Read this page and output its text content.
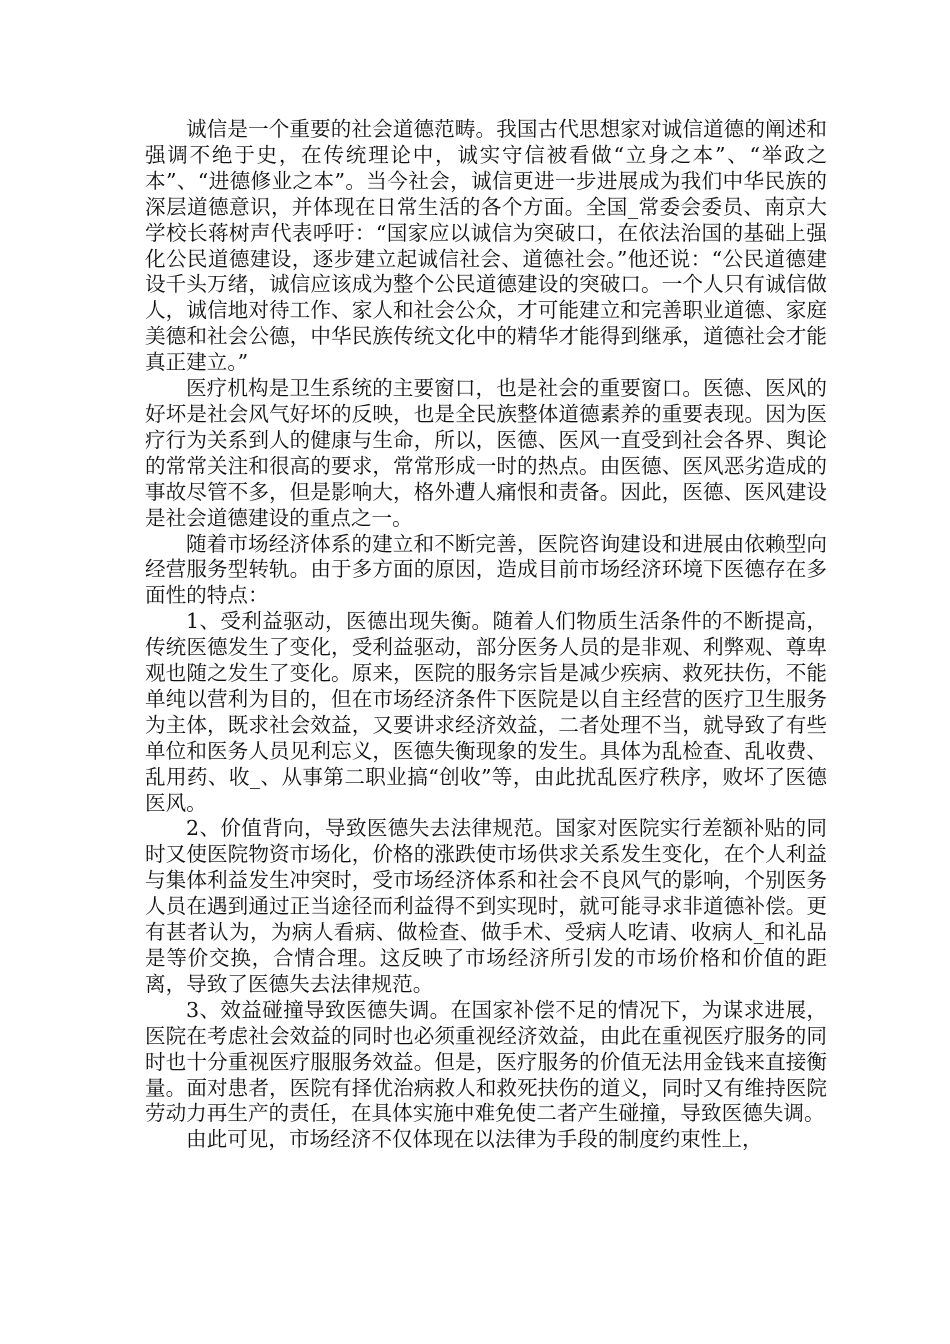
诚信是一个重要的社会道德范畴。我国古代思想家对诚信道德的阐述和强调不绝于史，在传统理论中，诚实守信被看做“立身之本”、“举政之本”、“进德修业之本”。当今社会，诚信更进一步进展成为我们中华民族的深层道德意识，并体现在日常生活的各个方面。全国_常委会委员、南京大学校长蒋树声代表呼吁：“国家应以诚信为突破口，在依法治国的基础上强化公民道德建设，逐步建立起诚信社会、道德社会。”他还说：“公民道德建设千头万绪，诚信应该成为整个公民道德建设的突破口。一个人只有诚信做人，诚信地对待工作、家人和社会公众，才可能建立和完善职业道德、家庭美德和社会公德，中华民族传统文化中的精华才能得到继承，道德社会才能真正建立。”

医疗机构是卫生系统的主要窗口，也是社会的重要窗口。医德、医风的好坏是社会风气好坏的反映，也是全民族整体道德素养的重要表现。因为医疗行为关系到人的健康与生命，所以，医德、医风一直受到社会各界、舆论的常常关注和很高的要求，常常形成一时的热点。由医德、医风恶劣造成的事故尽管不多，但是影响大，格外遭人痛恨和责备。因此，医德、医风建设是社会道德建设的重点之一。

随着市场经济体系的建立和不断完善，医院咨询建设和进展由依赖型向经营服务型转轨。由于多方面的原因，造成目前市场经济环境下医德存在多面性的特点：

1、受利益驱动，医德出现失衡。随着人们物质生活条件的不断提高，传统医德发生了变化，受利益驱动，部分医务人员的是非观、利弊观、尊卑观也随之发生了变化。原来，医院的服务宗旨是减少疾病、救死扶伤，不能单纯以营利为目的，但在市场经济条件下医院是以自主经营的医疗卫生服务为主体，既求社会效益，又要讲求经济效益，二者处理不当，就导致了有些单位和医务人员见利忘义，医德失衡现象的发生。具体为乱检查、乱收费、乱用药、收_、从事第二职业搞“创收”等，由此扰乱医疗秩序，败坏了医德医风。

2、价值背向，导致医德失去法律规范。国家对医院实行差额补贴的同时又使医院物资市场化，价格的涨跌使市场供求关系发生变化，在个人利益与集体利益发生冲突时，受市场经济体系和社会不良风气的影响，个别医务人员在遇到通过正当途径而利益得不到实现时，就可能寻求非道德补偿。更有甚者认为，为病人看病、做检查、做手术、受病人吃请、收病人_和礼品是等价交换，合情合理。这反映了市场经济所引发的市场价格和价值的距离，导致了医德失去法律规范。

3、效益碰撞导致医德失调。在国家补偿不足的情况下，为谋求进展，医院在考虑社会效益的同时也必须重视经济效益，由此在重视医疗服务的同时也十分重视医疗服服务效益。但是，医疗服务的价值无法用金钱来直接衡量。面对患者，医院有择优治病救人和救死扶伤的道义，同时又有维持医院劳动力再生产的责任，在具体实施中难免使二者产生碰撞，导致医德失调。

由此可见，市场经济不仅体现在以法律为手段的制度约束性上，
